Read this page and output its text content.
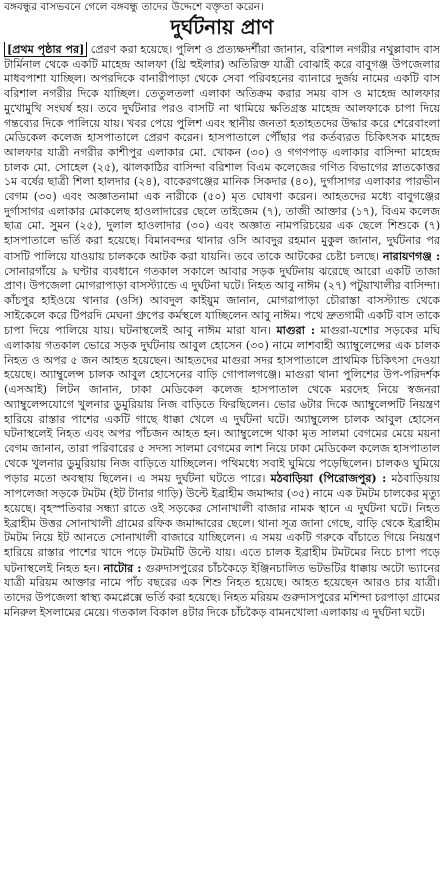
বঙ্গবন্ধুর বাসভবনে গেলে বঙ্গবন্ধু তাদের উদ্দেশে বক্তৃতা করেন।
দুর্ঘটনায় প্রাণ
[প্রথম পৃষ্ঠার পর] প্রেরণ করা হয়েছে। পুলিশ ও প্রত্যক্ষদর্শীরা জানান, বরিশাল নগরীর নথুল্লাবাদ বাস টার্মিনাল থেকে একটি মাহেন্দ্র আলফা (থ্রি হুইলার) অতিরিক্ত যাত্রী বোঝাই করে বাবুগঞ্জ উপজেলার মাধবপাশা যাচ্ছিল। অপরদিকে বানারীপাড়া থেকে সেবা পরিবহনের ব্যানারে দুর্জয় নামের একটি বাস বরিশাল নগরীর দিকে যাচ্ছিল। তেতুলতলা এলাকা অতিক্রম করার সময় বাস ও মাহেন্দ্র আলফার মুখোমুখি সংঘর্ষ হয়। তবে দুর্ঘটনার পরও বাসটি না থামিয়ে ক্ষতিগ্রস্ত মাহেন্দ্র আলফাকে চাপা দিয়ে গন্তব্যের দিকে পালিয়ে যায়। খবর পেয়ে পুলিশ এবং স্থানীয় জনতা হতাহতদের উদ্ধার করে শেরেবাংলা মেডিকেল কলেজ হাসপাতালে প্রেরণ করেন। হাসপাতালে পৌঁছার পর কর্তব্যরত চিকিৎসক মাহেন্দ্র আলফার যাত্রী নগরীর কাশীপুর এলাকার মো. খোকন (৩০) ও গগণপাড় এলাকার বাসিন্দা মাহেন্দ্র চালক মো. সোহেল (২৫), ঝালকাঠির বাসিন্দা বরিশাল বিএম কলেজের গণিত বিভাগের স্নাতকোত্তর ১ম বর্ষের ছাত্রী শিলা হালদার (২৪), বাকেরগঞ্জের মানিক সিকদার (৪০), দুর্গাসাগর এলাকার পারভীন বেগম (৩০) এবং অজ্ঞাতনামা এক নারীকে (৫০) মৃত ঘোষণা করেন। আহতদের মধ্যে বাবুগঞ্জের দুর্গাসাগর এলাকার মোকলেছ হাওলাদারের ছেলে তাইজেম (৭), তাজী আক্তার (১৭), বিএম কলেজ ছাত্র মো. সুমন (২৫), দুলাল হাওলাদার (৩০) এবং অজ্ঞাত নামপরিচয়ের এক ছেলে শিশুকে (৭) হাসপাতালে ভর্তি করা হয়েছে। বিমানবন্দর থানার ওসি আবদুর রহমান মুকুল জানান, দুর্ঘটনার পর বাসটি পালিয়ে যাওয়ায় চালককে আটক করা যায়নি। তবে তাকে আটকের চেষ্টা চলছে। নারায়ণগঞ্জ : সোনারগাঁয়ে ৯ ঘণ্টার ব্যবধানে গতকাল সকালে আবার সড়ক দুর্ঘটনায় ঝরেছে আরো একটি তাজা প্রাণ। উপজেলা মোগরাপাড়া বাসস্ট্যান্ডে এ দুর্ঘটনা ঘটে। নিহত আবু নাঈম (২৭) পটুয়াখালীর বাসিন্দা। কাঁচপুর হাইওয়ে থানার (ওসি) আবদুল কাইয়ুম জানান, মোগরাপাড়া চৌরাস্তা বাসস্ট্যান্ড থেকে সাইকেলে করে টিপরদি মেঘনা গ্রুপের কর্মস্থলে যাচ্ছিলেন আবু নাঈম। পথে দ্রুতগামী একটি বাস তাকে চাপা দিয়ে পালিয়ে যায়। ঘটনাস্থলেই আবু নাঈম মারা যান। মাগুরা : মাগুরা-যশোর সড়কের মঘি এলাকায় গতকাল ভোরে সড়ক দুর্ঘটনায় আবুল হোসেন (৩০) নামে লাশবাহী অ্যাম্বুলেন্সের এক চালক নিহত ও অপর ৫ জন আহত হয়েছেন। আহতদের মাগুরা সদর হাসপাতালে প্রাথমিক চিকিৎসা দেওয়া হয়েছে। অ্যাম্বুলেন্স চালক আবুল হোসেনের বাড়ি গোপালগঞ্জে। মাগুরা থানা পুলিশের উপ-পরিদর্শক (এসআই) লিটন জানান, ঢাকা মেডিকেল কলেজ হাসপাতাল থেকে মরদেহ নিয়ে স্বজনরা অ্যাম্বুলেন্সযোগে খুলনার ডুমুরিয়ায় নিজ বাড়িতে ফিরছিলেন। ভোর ৬টার দিকে অ্যাম্বুলেন্সটি নিয়ন্ত্রণ হারিয়ে রাস্তার পাশের একটি গাছে ধাক্কা খেলে এ দুর্ঘটনা ঘটে। অ্যাম্বুলেন্স চালক আবুল হোসেন ঘটনাস্থলেই নিহত এবং অপর পাঁচজন আহত হন। অ্যাম্বুলেন্সে থাকা মৃত সালমা বেগমের মেয়ে ময়না বেগম জানান, তারা পরিবারের ৫ সদস্য সালমা বেগমের লাশ নিয়ে ঢাকা মেডিকেল কলেজ হাসপাতাল থেকে খুলনার ডুমুরিয়ায় নিজ বাড়িতে যাচ্ছিলেন। পথিমধ্যে সবাই ঘুমিয়ে পড়েছিলেন। চালকও ঘুমিয়ে পড়ার মতো অবস্থায় ছিলেন। এ সময় দুর্ঘটনা ঘটতে পারে। মঠবাড়িয়া (পিরোজপুর) : মঠবাড়িয়ায় সাপলেজা সড়কে টমটম (ইট টানার গাড়ি) উল্টে ইব্রাহীম জমাদ্দার (৩৫) নামে এক টমটম চালকের মৃত্যু হয়েছে। বৃহস্পতিবার সন্ধ্যা রাতে ওই সড়কের সোনাখালী বাজার নামক স্থানে এ দুর্ঘটনা ঘটে। নিহত ইব্রাহীম উত্তর সোনাখালী গ্রামের রফিক জমাদ্দারের ছেলে। থানা সূত্র জানা গেছে, বাড়ি থেকে ইব্রাহীম টমটম নিয়ে ইট আনতে সোনাখালী বাজারে যাচ্ছিলেন। এ সময় একটি গরুকে বাঁচাতে গিয়ে নিয়ন্ত্রণ হারিয়ে রাস্তার পাশের খাদে পড়ে টমটমটি উল্টে যায়। এতে চালক ইব্রাহীম টমটমের নিচে চাপা পড়ে ঘটনাস্থলেই নিহত হন। নাটোর : গুরুদাসপুরের চাঁচকৈড়ে ইঞ্জিনচালিত ভটভটির ধাক্কায় অটো ভ্যানের যাত্রী মরিয়ম আক্তার নামে পাঁচ বছরের এক শিশু নিহত হয়েছে। আহত হয়েছেন আরও চার যাত্রী। তাদের উপজেলা স্বাস্থ্য কমপ্লেক্সে ভর্তি করা হয়েছে। নিহত মরিয়ম গুরুদাসপুরের মশিন্দা চরপাড়া গ্রামের মনিরুল ইসলামের মেয়ে। গতকাল বিকাল ৪টার দিকে চাঁচকৈড় বামনখোলা এলাকায় এ দুর্ঘটনা ঘটে।
